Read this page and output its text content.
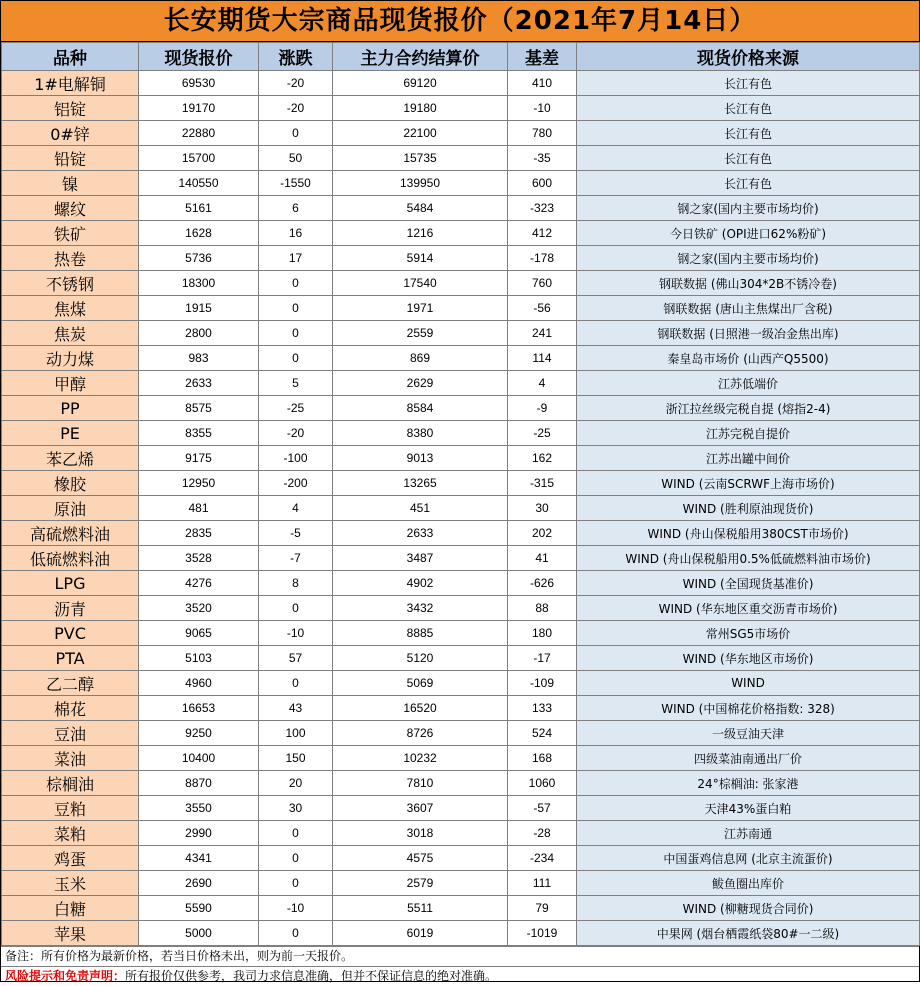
长安期货大宗商品现货报价（2021年7月14日）
品种	现货报价	涨跌	主力合约结算价	基差	现货价格来源
1#电解铜	69530	-20	69120	410	长江有色
铝锭	19170	-20	19180	-10	长江有色
0#锌	22880	0	22100	780	长江有色
铅锭	15700	50	15735	-35	长江有色
镍	140550	-1550	139950	600	长江有色
螺纹	5161	6	5484	-323	钢之家(国内主要市场均价)
铁矿	1628	16	1216	412	今日铁矿 (OPI进口62%粉矿)
热卷	5736	17	5914	-178	钢之家(国内主要市场均价)
不锈钢	18300	0	17540	760	钢联数据 (佛山304*2B不锈冷卷)
焦煤	1915	0	1971	-56	钢联数据 (唐山主焦煤出厂含税)
焦炭	2800	0	2559	241	钢联数据 (日照港一级冶金焦出库)
动力煤	983	0	869	114	秦皇岛市场价 (山西产Q5500)
甲醇	2633	5	2629	4	江苏低端价
PP	8575	-25	8584	-9	浙江拉丝级完税自提 (熔指2-4)
PE	8355	-20	8380	-25	江苏完税自提价
苯乙烯	9175	-100	9013	162	江苏出罐中间价
橡胶	12950	-200	13265	-315	WIND (云南SCRWF上海市场价)
原油	481	4	451	30	WIND (胜利原油现货价)
高硫燃料油	2835	-5	2633	202	WIND (舟山保税船用380CST市场价)
低硫燃料油	3528	-7	3487	41	WIND (舟山保税船用0.5%低硫燃料油市场价)
LPG	4276	8	4902	-626	WIND (全国现货基准价)
沥青	3520	0	3432	88	WIND (华东地区重交沥青市场价)
PVC	9065	-10	8885	180	常州SG5市场价
PTA	5103	57	5120	-17	WIND (华东地区市场价)
乙二醇	4960	0	5069	-109	WIND
棉花	16653	43	16520	133	WIND (中国棉花价格指数: 328)
豆油	9250	100	8726	524	一级豆油天津
菜油	10400	150	10232	168	四级菜油南通出厂价
棕榈油	8870	20	7810	1060	24°棕榈油: 张家港
豆粕	3550	30	3607	-57	天津43%蛋白粕
菜粕	2990	0	3018	-28	江苏南通
鸡蛋	4341	0	4575	-234	中国蛋鸡信息网 (北京主流蛋价)
玉米	2690	0	2579	111	鲅鱼圈出库价
白糖	5590	-10	5511	79	WIND (柳糖现货合同价)
苹果	5000	0	6019	-1019	中果网 (烟台栖霞纸袋80#一二级)
备注：所有价格为最新价格，若当日价格未出，则为前一天报价。
风险提示和免责声明：所有报价仅供参考，我司力求信息准确，但并不保证信息的绝对准确。
